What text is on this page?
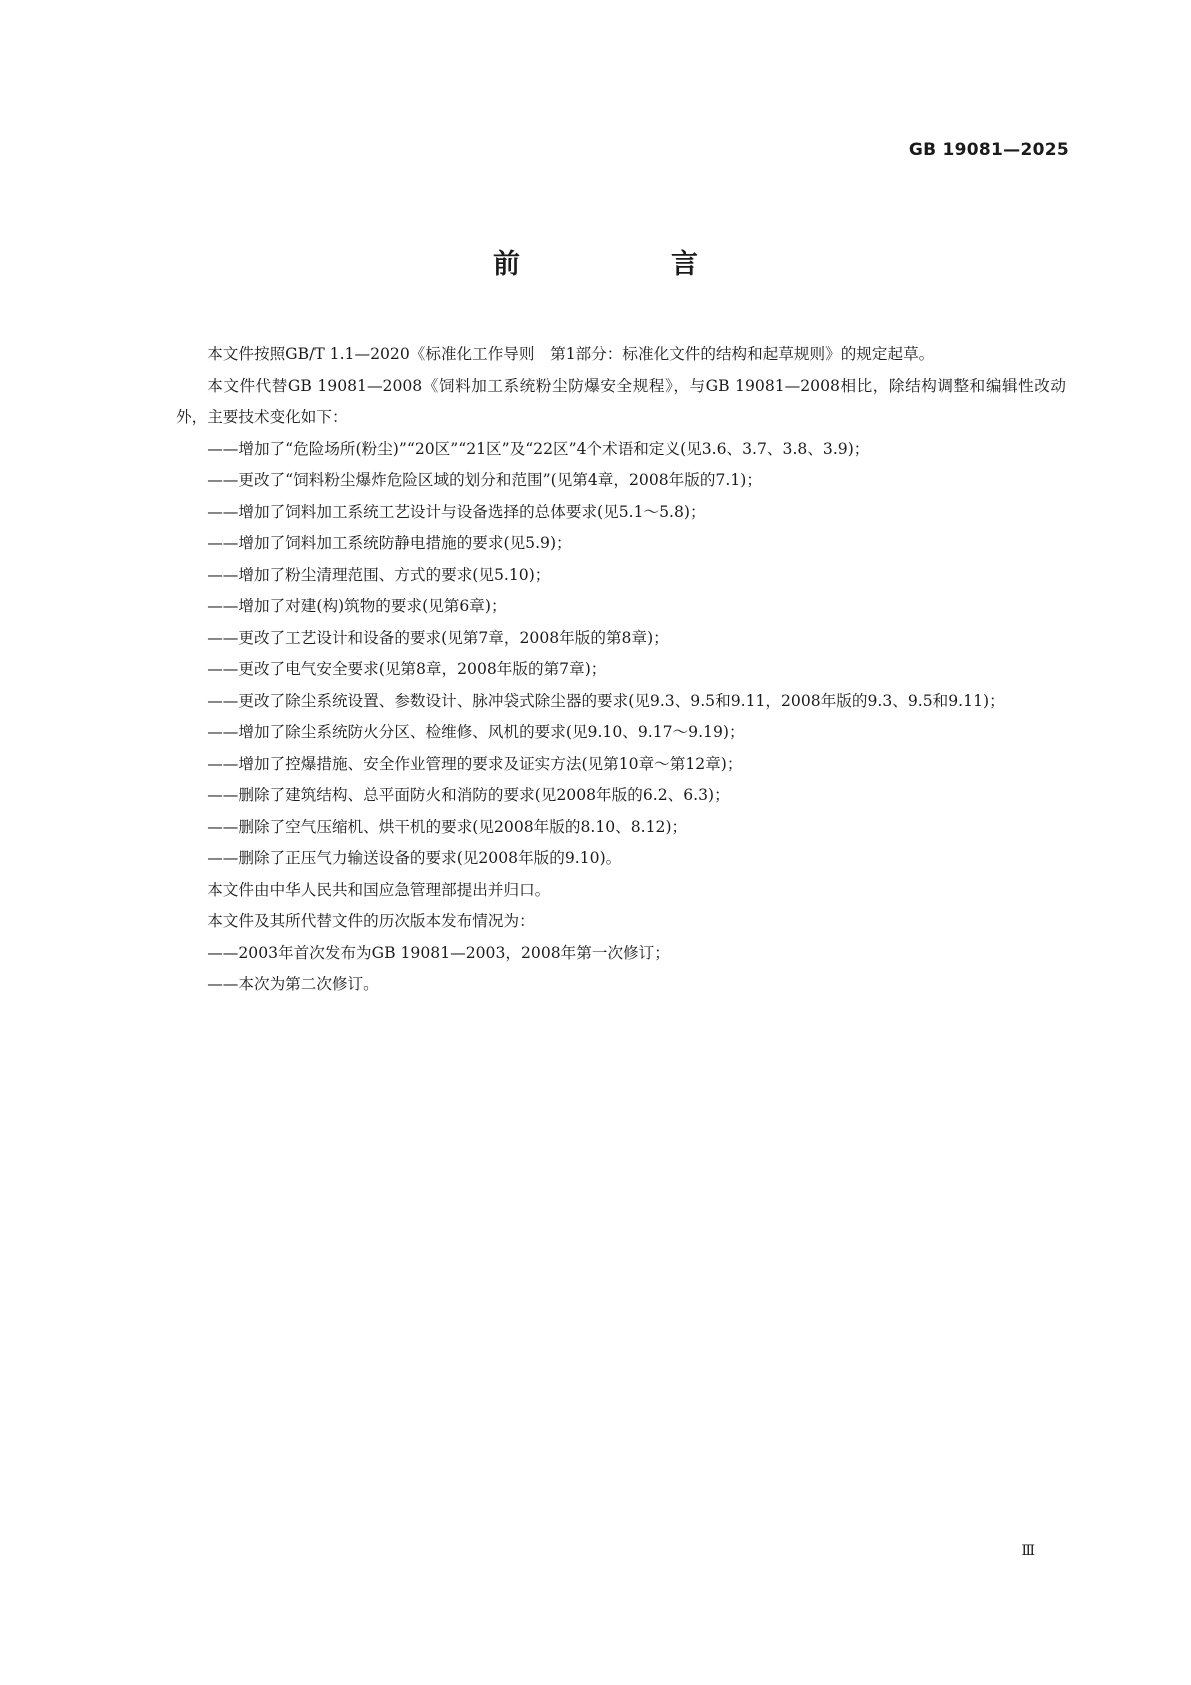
GB 19081—2025
前　言

本文件按照GB/T 1.1—2020《标准化工作导则　第1部分：标准化文件的结构和起草规则》的规定起草。

本文件代替GB 19081—2008《饲料加工系统粉尘防爆安全规程》，与GB 19081—2008相比，除结构调整和编辑性改动外，主要技术变化如下：

——增加了“危险场所(粉尘)”“20区”“21区”及“22区”4个术语和定义(见3.6、3.7、3.8、3.9)；

——更改了“饲料粉尘爆炸危险区域的划分和范围”(见第4章，2008年版的7.1)；

——增加了饲料加工系统工艺设计与设备选择的总体要求(见5.1～5.8)；

——增加了饲料加工系统防静电措施的要求(见5.9)；

——增加了粉尘清理范围、方式的要求(见5.10)；

——增加了对建(构)筑物的要求(见第6章)；

——更改了工艺设计和设备的要求(见第7章，2008年版的第8章)；

——更改了电气安全要求(见第8章，2008年版的第7章)；

——更改了除尘系统设置、参数设计、脉冲袋式除尘器的要求(见9.3、9.5和9.11，2008年版的9.3、9.5和9.11)；

——增加了除尘系统防火分区、检维修、风机的要求(见9.10、9.17～9.19)；

——增加了控爆措施、安全作业管理的要求及证实方法(见第10章～第12章)；

——删除了建筑结构、总平面防火和消防的要求(见2008年版的6.2、6.3)；

——删除了空气压缩机、烘干机的要求(见2008年版的8.10、8.12)；

——删除了正压气力输送设备的要求(见2008年版的9.10)。

本文件由中华人民共和国应急管理部提出并归口。

本文件及其所代替文件的历次版本发布情况为：

——2003年首次发布为GB 19081—2003，2008年第一次修订；

——本次为第二次修订。

Ⅲ
